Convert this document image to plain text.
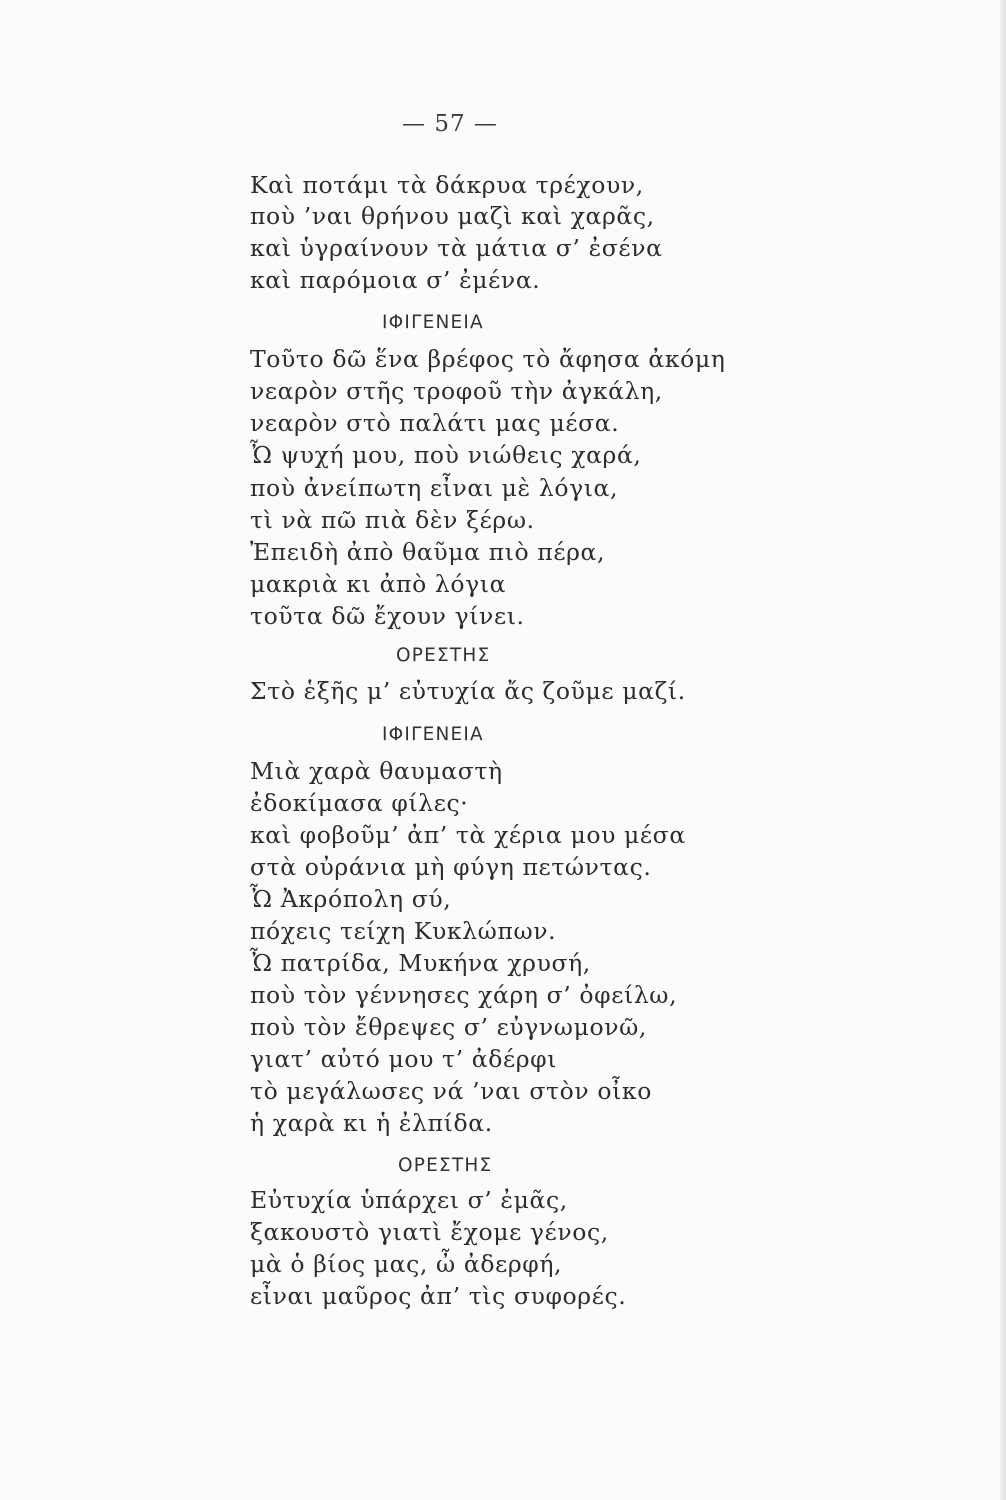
— 57 —
Καὶ ποτάμι τὰ δάκρυα τρέχουν,
ποὺ ’ναι θρήνου μαζὶ καὶ χαρᾶς,
καὶ ὑγραίνουν τὰ μάτια σ’ ἐσένα
καὶ παρόμοια σ’ ἐμένα.
ΙΦΙΓΕΝΕΙΑ
Τοῦτο δῶ ἕνα βρέφος τὸ ἄφησα ἀκόμη
νεαρὸν στῆς τροφοῦ τὴν ἀγκάλη,
νεαρὸν στὸ παλάτι μας μέσα.
Ὦ ψυχή μου, ποὺ νιώθεις χαρά,
ποὺ ἀνείπωτη εἶναι μὲ λόγια,
τὶ νὰ πῶ πιὰ δὲν ξέρω.
Ἐπειδὴ ἀπὸ θαῦμα πιὸ πέρα,
μακριὰ κι ἀπὸ λόγια
τοῦτα δῶ ἔχουν γίνει.
ΟΡΕΣΤΗΣ
Στὸ ἑξῆς μ’ εὐτυχία ἄς ζοῦμε μαζί.
ΙΦΙΓΕΝΕΙΑ
Μιὰ χαρὰ θαυμαστὴ
ἐδοκίμασα φίλες·
καὶ φοβοῦμ’ ἀπ’ τὰ χέρια μου μέσα
στὰ οὐράνια μὴ φύγη πετώντας.
Ὦ Ἀκρόπολη σύ,
πόχεις τείχη Κυκλώπων.
Ὦ πατρίδα, Μυκήνα χρυσή,
ποὺ τὸν γέννησες χάρη σ’ ὀφείλω,
ποὺ τὸν ἔθρεψες σ’ εὐγνωμονῶ,
γιατ’ αὐτό μου τ’ ἀδέρφι
τὸ μεγάλωσες νά ’ναι στὸν οἶκο
ἡ χαρὰ κι ἡ ἐλπίδα.
ΟΡΕΣΤΗΣ
Εὐτυχία ὑπάρχει σ’ ἐμᾶς,
ξακουστὸ γιατὶ ἔχομε γένος,
μὰ ὁ βίος μας, ὦ ἀδερφή,
εἶναι μαῦρος ἀπ’ τὶς συφορές.
